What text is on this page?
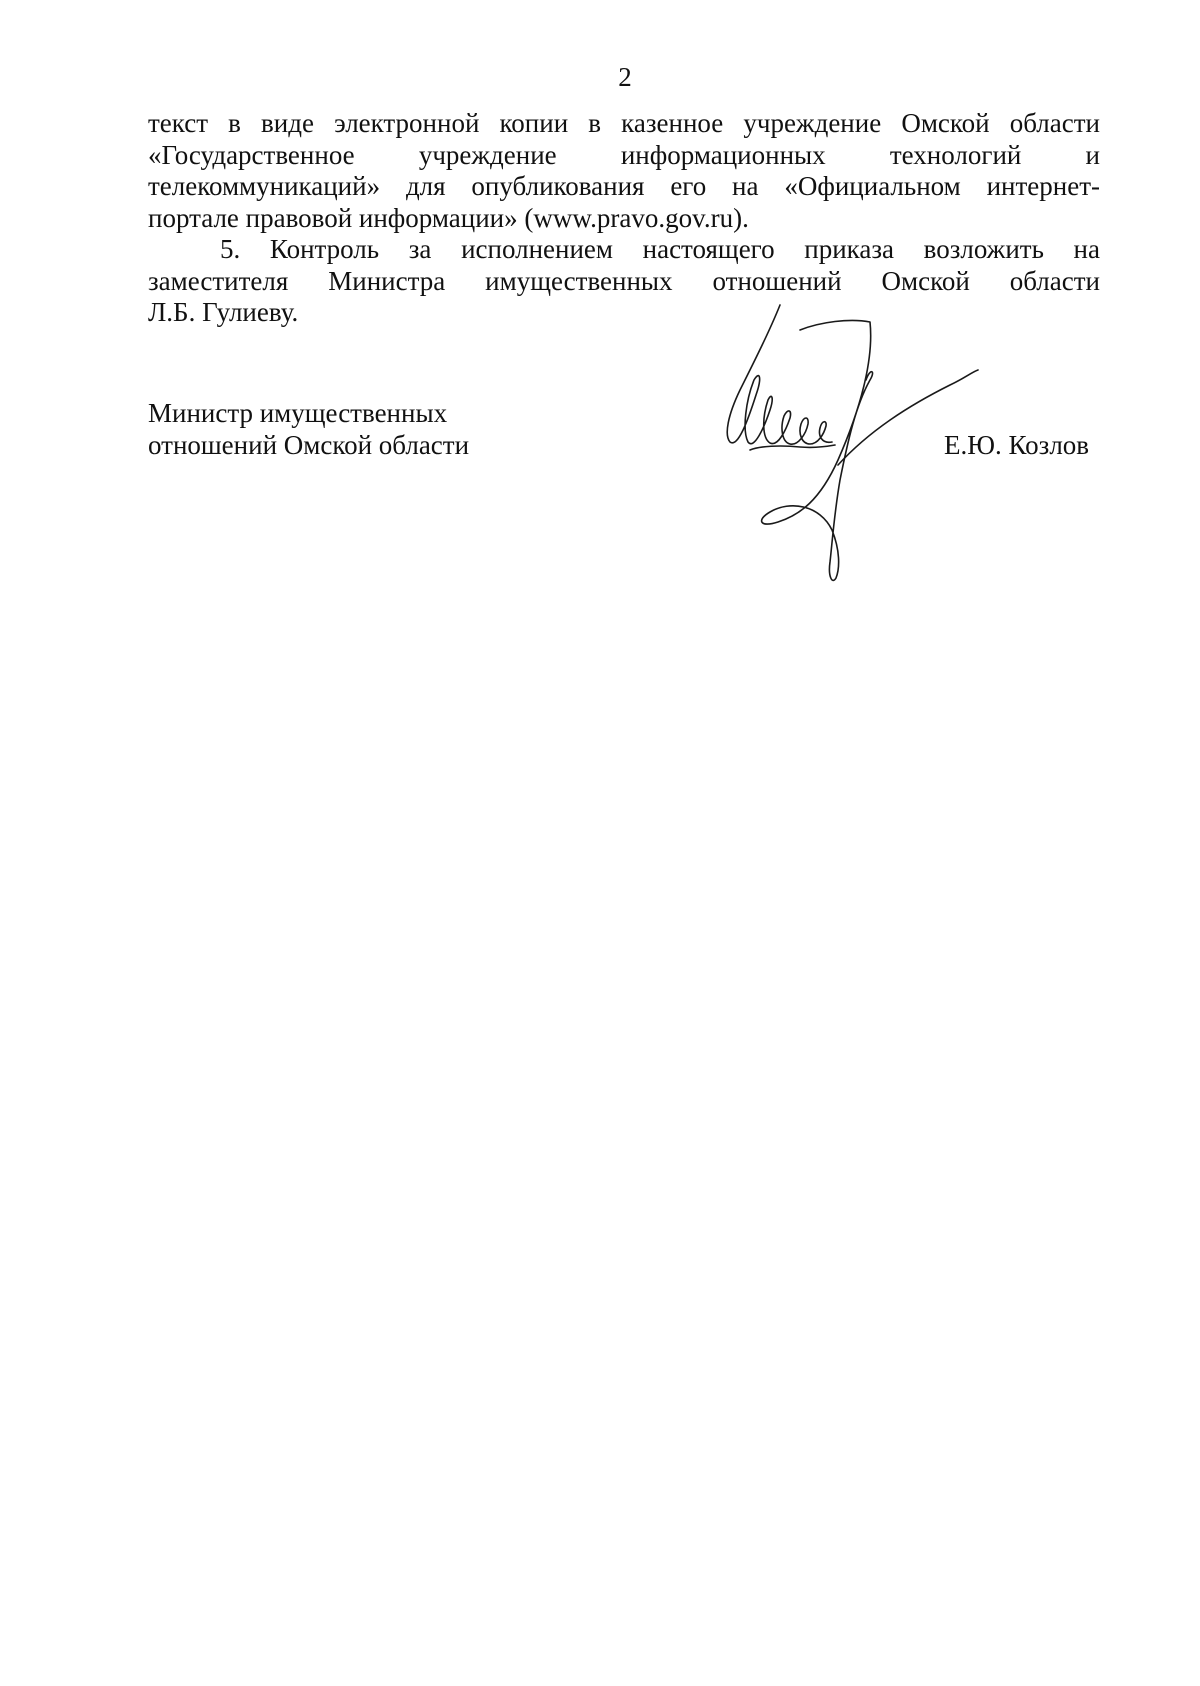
2
текст в виде электронной копии в казенное учреждение Омской области
«Государственное учреждение информационных технологий и
телекоммуникаций» для опубликования его на «Официальном интернет-
портале правовой информации» (www.pravo.gov.ru).
5. Контроль за исполнением настоящего приказа возложить на
заместителя Министра имущественных отношений Омской области
Л.Б. Гулиеву.
Министр имущественных
отношений Омской области	Е.Ю. Козлов
